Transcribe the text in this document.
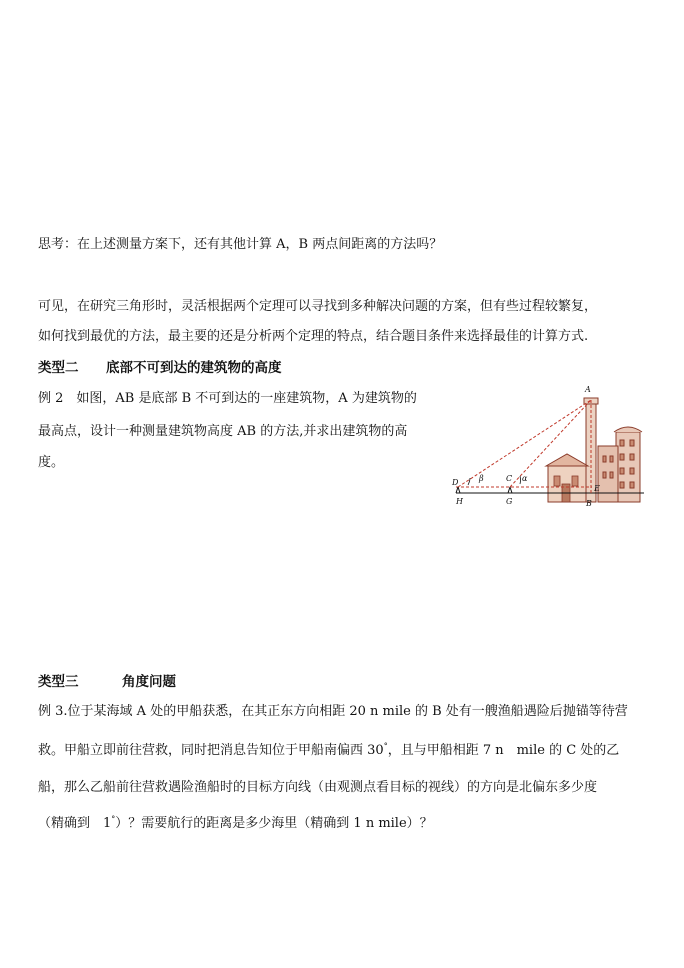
思考：在上述测量方案下，还有其他计算 A，B 两点间距离的方法吗？
可见，在研究三角形时，灵活根据两个定理可以寻找到多种解决问题的方案，但有些过程较繁复，
如何找到最优的方法，最主要的还是分析两个定理的特点，结合题目条件来选择最佳的计算方式.
类型二 底部不可到达的建筑物的高度
例 2　如图，AB 是底部 B 不可到达的一座建筑物，A 为建筑物的
最高点，设计一种测量建筑物高度 AB 的方法,并求出建筑物的高
度。
A
B
C
D
E
G
H
α
β
类型三	角度问题
例 3.位于某海域 A 处的甲船获悉，在其正东方向相距 20 n mile 的 B 处有一艘渔船遇险后抛锚等待营
救。甲船立即前往营救，同时把消息告知位于甲船南偏西 30°，且与甲船相距 7 n　mile 的 C 处的乙
船，那么乙船前往营救遇险渔船时的目标方向线（由观测点看目标的视线）的方向是北偏东多少度
（精确到　1°）？需要航行的距离是多少海里（精确到 1 n mile）？
